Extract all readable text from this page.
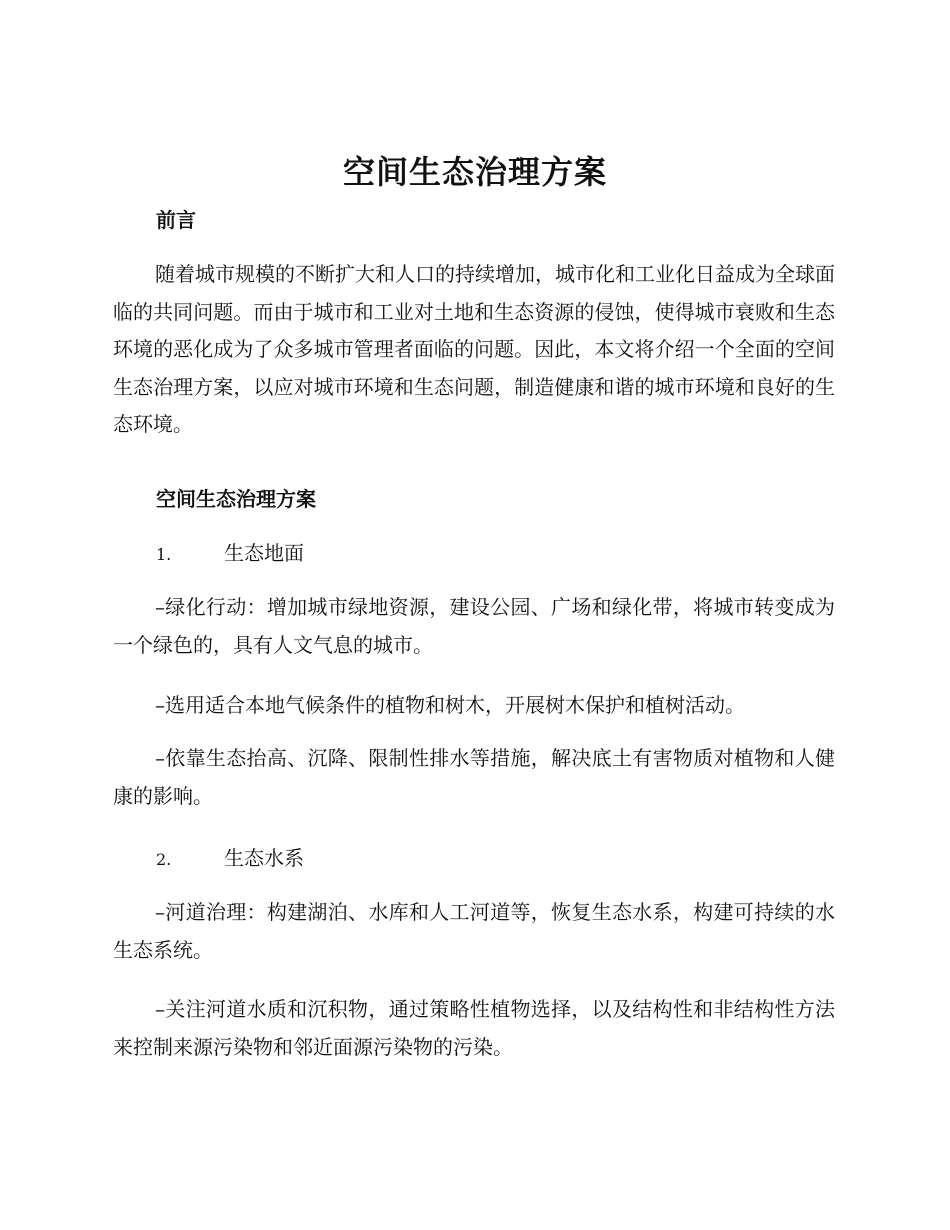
空间生态治理方案
前言

随着城市规模的不断扩大和人口的持续增加，城市化和工业化日益成为全球面临的共同问题。而由于城市和工业对土地和生态资源的侵蚀，使得城市衰败和生态环境的恶化成为了众多城市管理者面临的问题。因此，本文将介绍一个全面的空间生态治理方案，以应对城市环境和生态问题，制造健康和谐的城市环境和良好的生态环境。

空间生态治理方案
1.	生态地面

–绿化行动：增加城市绿地资源，建设公园、广场和绿化带，将城市转变成为一个绿色的，具有人文气息的城市。

–选用适合本地气候条件的植物和树木，开展树木保护和植树活动。

–依靠生态抬高、沉降、限制性排水等措施，解决底土有害物质对植物和人健康的影响。

2.	生态水系

–河道治理：构建湖泊、水库和人工河道等，恢复生态水系，构建可持续的水生态系统。

–关注河道水质和沉积物，通过策略性植物选择，以及结构性和非结构性方法来控制来源污染物和邻近面源污染物的污染。
